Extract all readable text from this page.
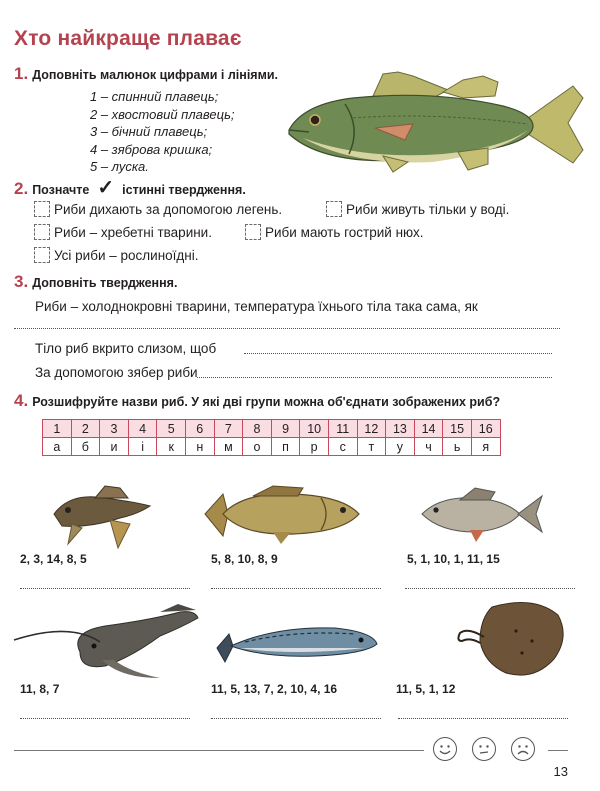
Хто найкраще плаває
1. Доповніть малюнок цифрами і лініями.
1 – спинний плавець;
2 – хвостовий плавець;
3 – бічний плавець;
4 – зяброва кришка;
5 – луска.
2. Позначте ✓ істинні твердження.
Риби дихають за допомогою легень.	Риби живуть тільки у воді.
Риби – хребетні тварини.	Риби мають гострий нюх.
Усі риби – рослиноїдні.
3. Доповніть твердження.
Риби – холоднокровні тварини, температура їхнього тіла така сама, як
Тіло риб вкрито слизом, щоб
За допомогою зябер риби
4. Розшифруйте назви риб. У які дві групи можна об'єднати зображених риб?
1	2	3	4	5	6	7	8	9	10	11	12	13	14	15	16
а	б	и	і	к	н	м	о	п	р	с	т	у	ч	ь	я
2, 3, 14, 8, 5	5, 8, 10, 8, 9	5, 1, 10, 1, 11, 15
11, 8, 7	11, 5, 13, 7, 2, 10, 4, 16	11, 5, 1, 12
13
